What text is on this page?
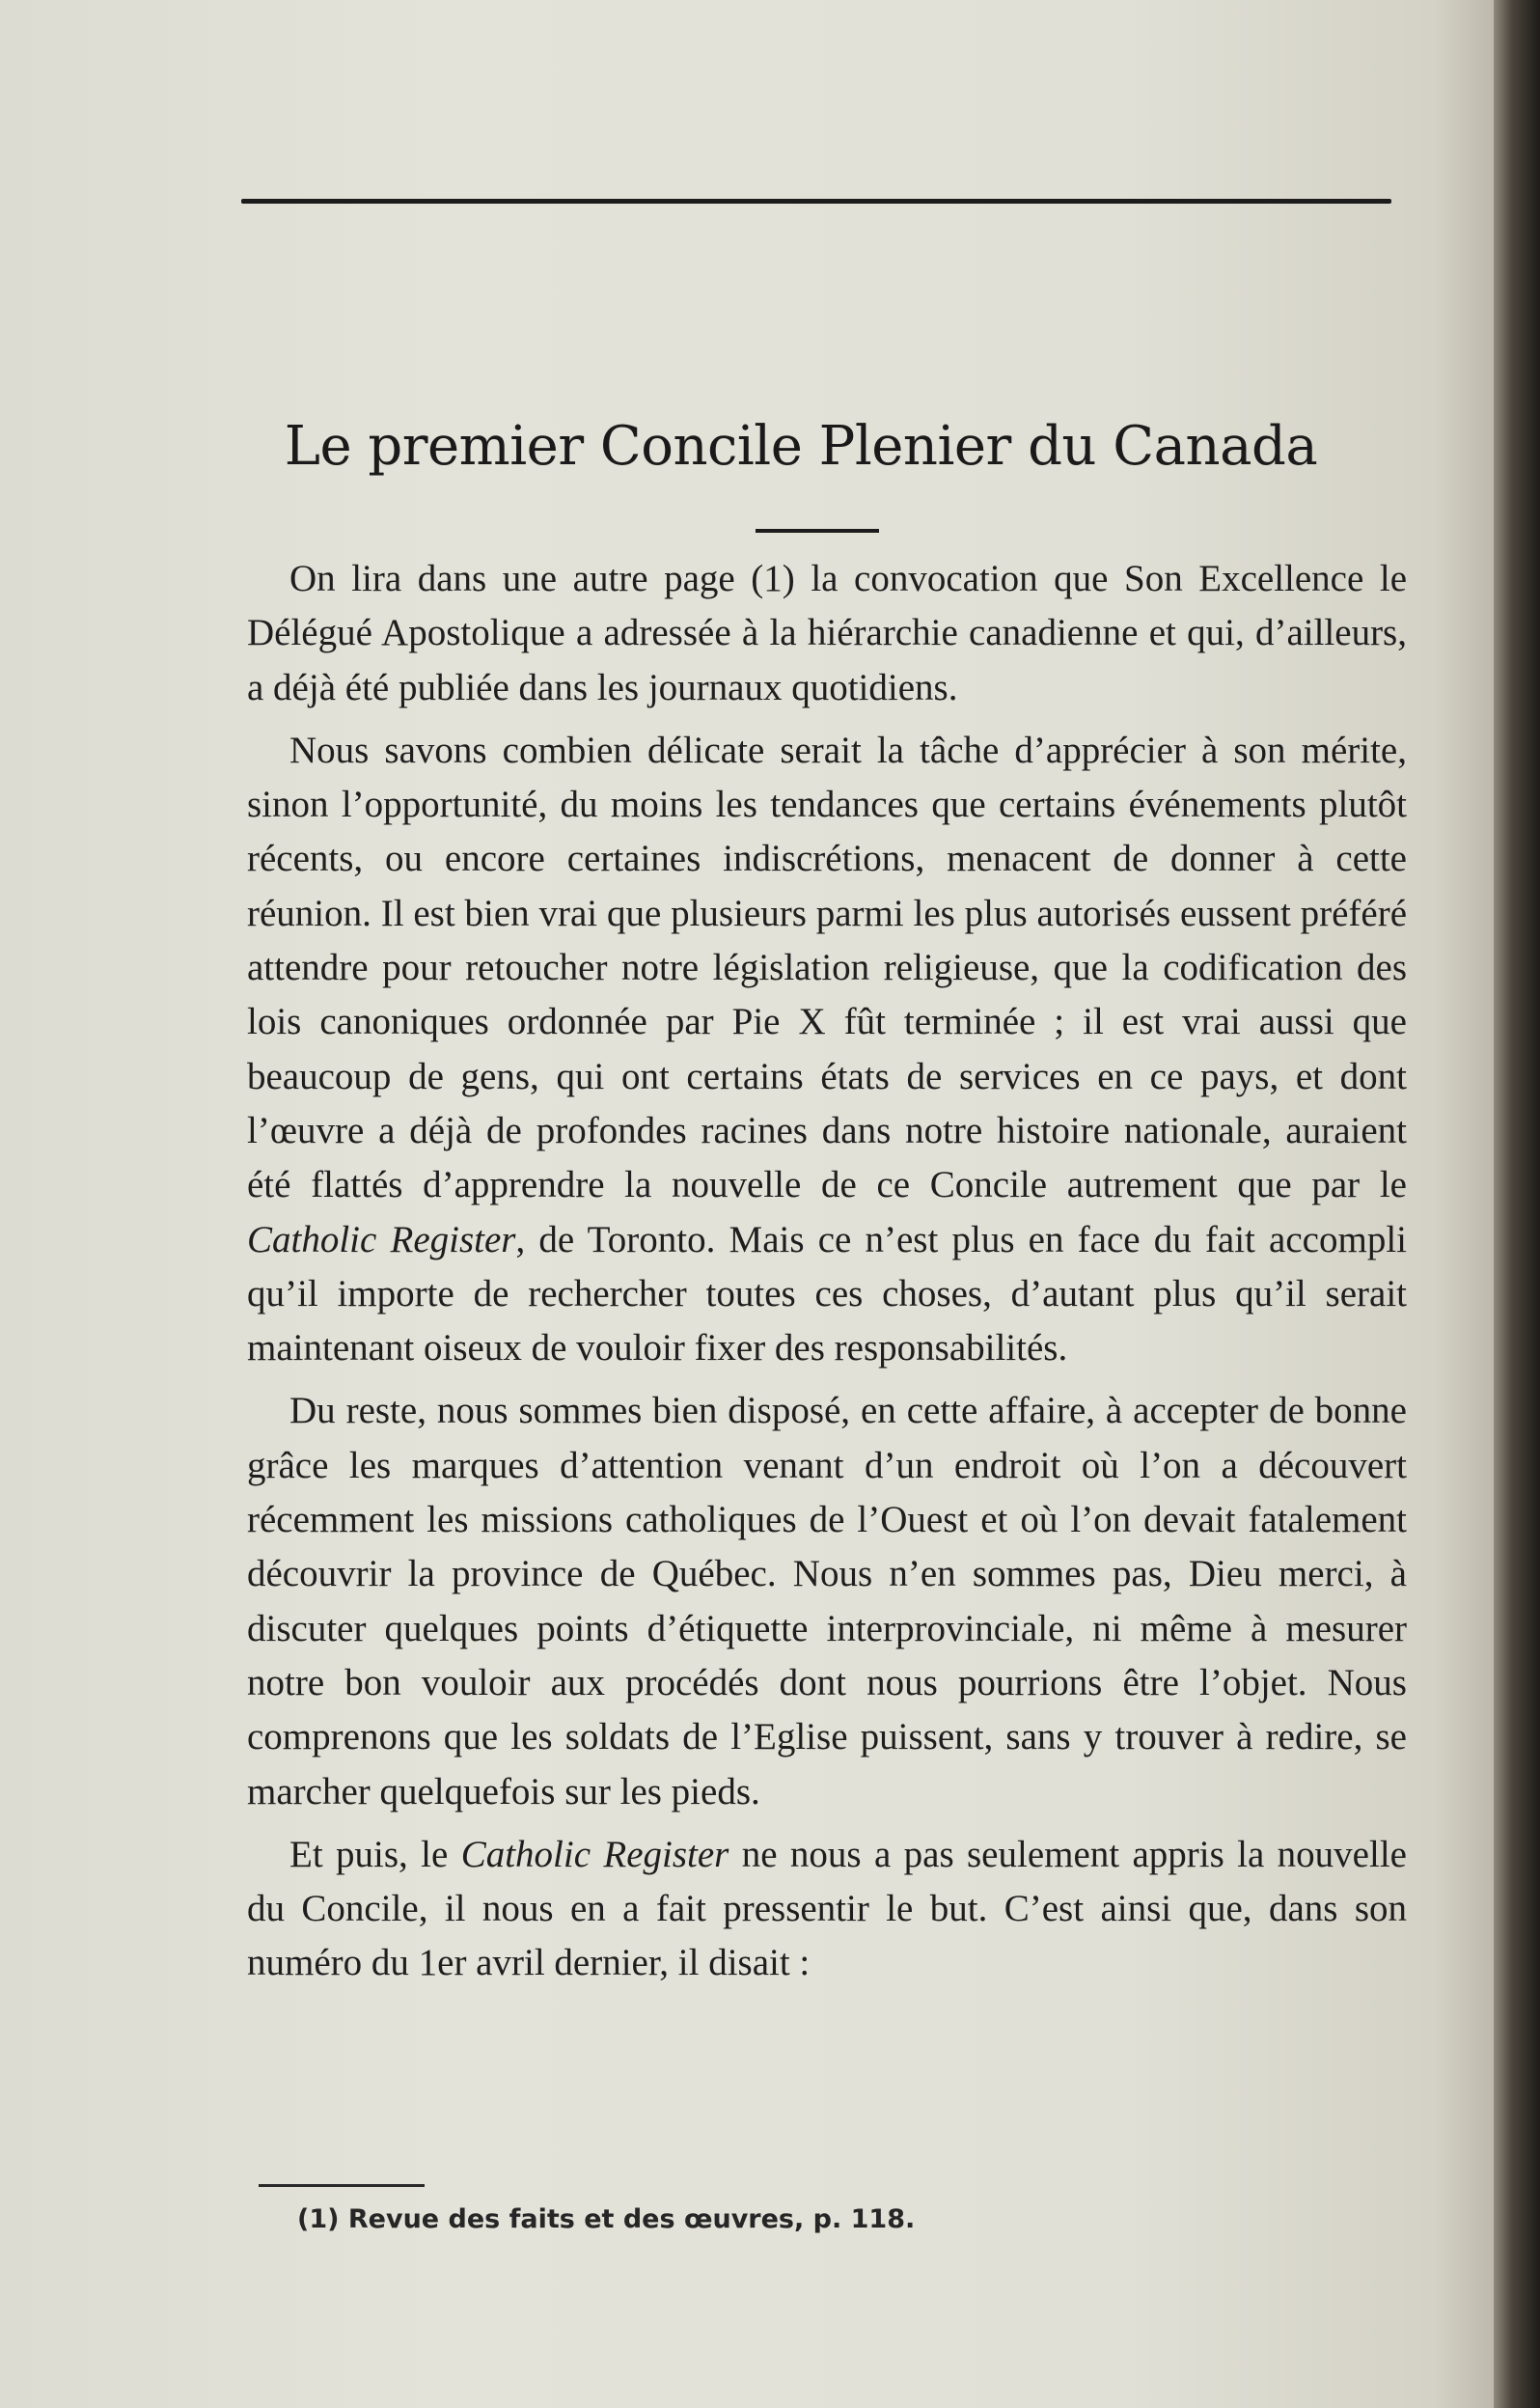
Le premier Concile Plenier du Canada

On lira dans une autre page (1) la convocation que Son Excellence le Délégué Apostolique a adressée à la hiérarchie canadienne et qui, d’ailleurs, a déjà été publiée dans les journaux quotidiens.

Nous savons combien délicate serait la tâche d’apprécier à son mérite, sinon l’opportunité, du moins les tendances que certains événements plutôt récents, ou encore certaines indiscrétions, menacent de donner à cette réunion. Il est bien vrai que plusieurs parmi les plus autorisés eussent préféré attendre pour retoucher notre législation religieuse, que la codification des lois canoniques ordonnée par Pie X fût terminée ; il est vrai aussi que beaucoup de gens, qui ont certains états de services en ce pays, et dont l’œuvre a déjà de profondes racines dans notre histoire nationale, auraient été flattés d’apprendre la nouvelle de ce Concile autrement que par le Catholic Register, de Toronto. Mais ce n’est plus en face du fait accompli qu’il importe de rechercher toutes ces choses, d’autant plus qu’il serait maintenant oiseux de vouloir fixer des responsabilités.

Du reste, nous sommes bien disposé, en cette affaire, à accepter de bonne grâce les marques d’attention venant d’un endroit où l’on a découvert récemment les missions catholiques de l’Ouest et où l’on devait fatalement découvrir la province de Québec. Nous n’en sommes pas, Dieu merci, à discuter quelques points d’étiquette interprovinciale, ni même à mesurer notre bon vouloir aux procédés dont nous pourrions être l’objet. Nous comprenons que les soldats de l’Eglise puissent, sans y trouver à redire, se marcher quelquefois sur les pieds.

Et puis, le Catholic Register ne nous a pas seulement appris la nouvelle du Concile, il nous en a fait pressentir le but. C’est ainsi que, dans son numéro du 1er avril dernier, il disait :

(1) Revue des faits et des œuvres, p. 118.
